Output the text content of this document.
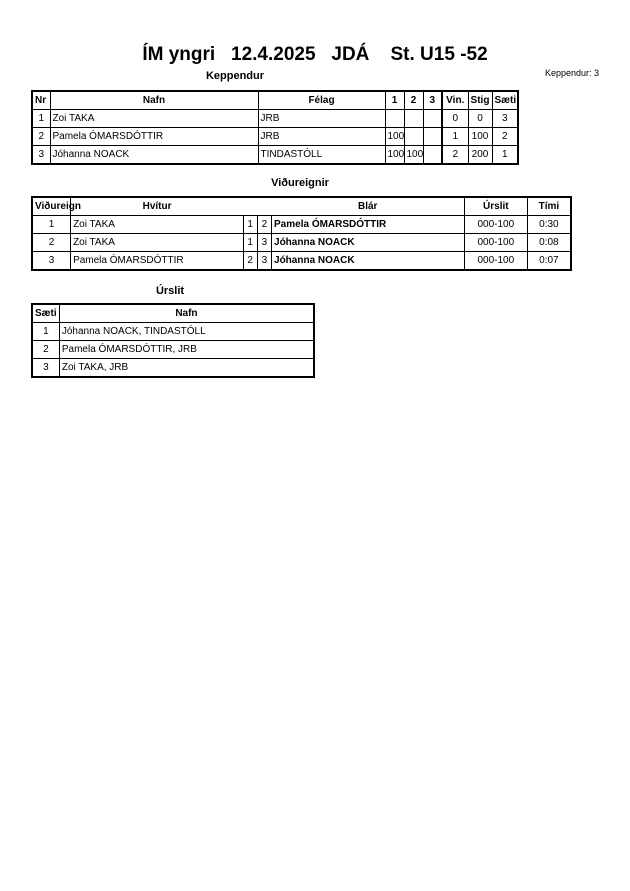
ÍM yngri   12.4.2025   JDÁ    St. U15 -52
Keppendur: 3
Keppendur
Nr	Nafn	Félag	1	2	3	Vin.	Stig	Sæti
1	Zoi TAKA	JRB				0	0	3
2	Pamela ÓMARSDÓTTIR	JRB	100			1	100	2
3	Jóhanna NOACK	TINDASTÓLL	100	100		2	200	1
Viðureignir
Viðureign	Hvítur			Blár	Úrslit	Tími
1	Zoi TAKA	1	2	Pamela ÓMARSDÓTTIR	000-100	0:30
2	Zoi TAKA	1	3	Jóhanna NOACK	000-100	0:08
3	Pamela ÓMARSDÓTTIR	2	3	Jóhanna NOACK	000-100	0:07
Úrslit
Sæti	Nafn
1	Jóhanna NOACK, TINDASTÓLL
2	Pamela ÓMARSDÓTTIR, JRB
3	Zoi TAKA, JRB
